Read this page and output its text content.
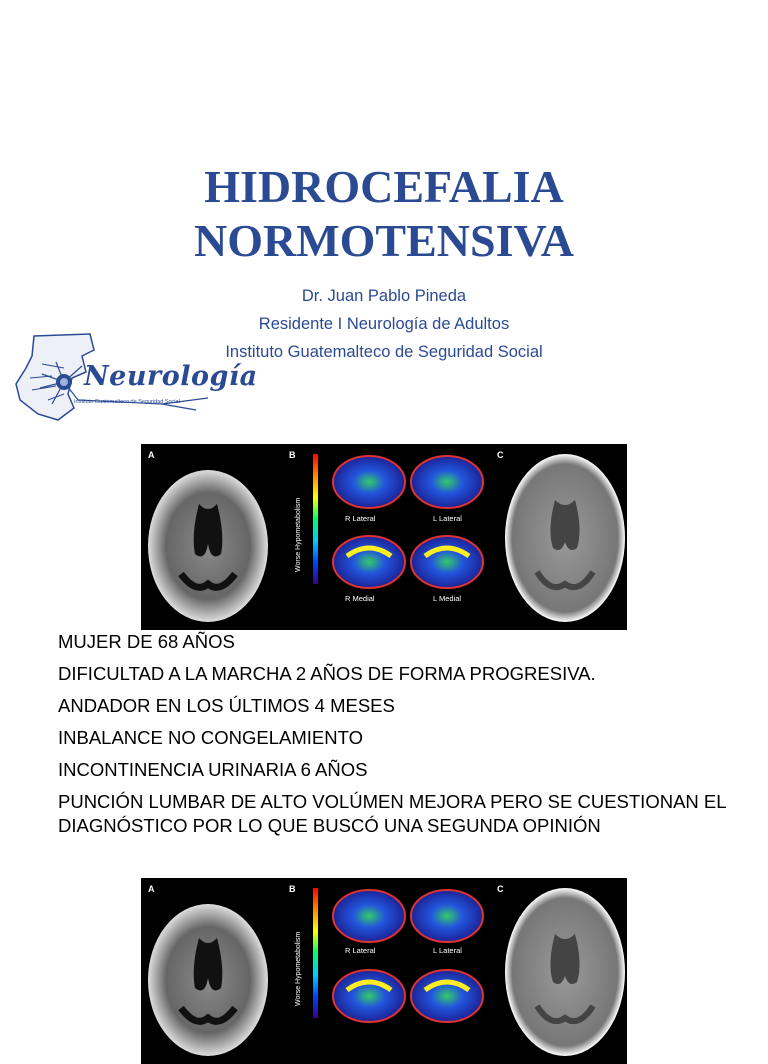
HIDROCEFALIA
NORMOTENSIVA
Dr. Juan Pablo Pineda
Residente I Neurología de Adultos
Instituto Guatemalteco de Seguridad Social
Neurología
Instituto Guatemalteco de Seguridad Social
A	B	C
Worse Hypometabolism	R Lateral	L Lateral
R Medial	L Medial
MUJER DE 68 AÑOS
DIFICULTAD A LA MARCHA 2 AÑOS DE FORMA PROGRESIVA.
ANDADOR EN LOS ÚLTIMOS 4 MESES
INBALANCE NO CONGELAMIENTO
INCONTINENCIA URINARIA 6 AÑOS
PUNCIÓN LUMBAR DE ALTO VOLÚMEN MEJORA PERO SE CUESTIONAN EL DIAGNÓSTICO POR LO QUE BUSCÓ UNA SEGUNDA OPINIÓN
A	B	C
Worse Hypometabolism	R Lateral	L Lateral
